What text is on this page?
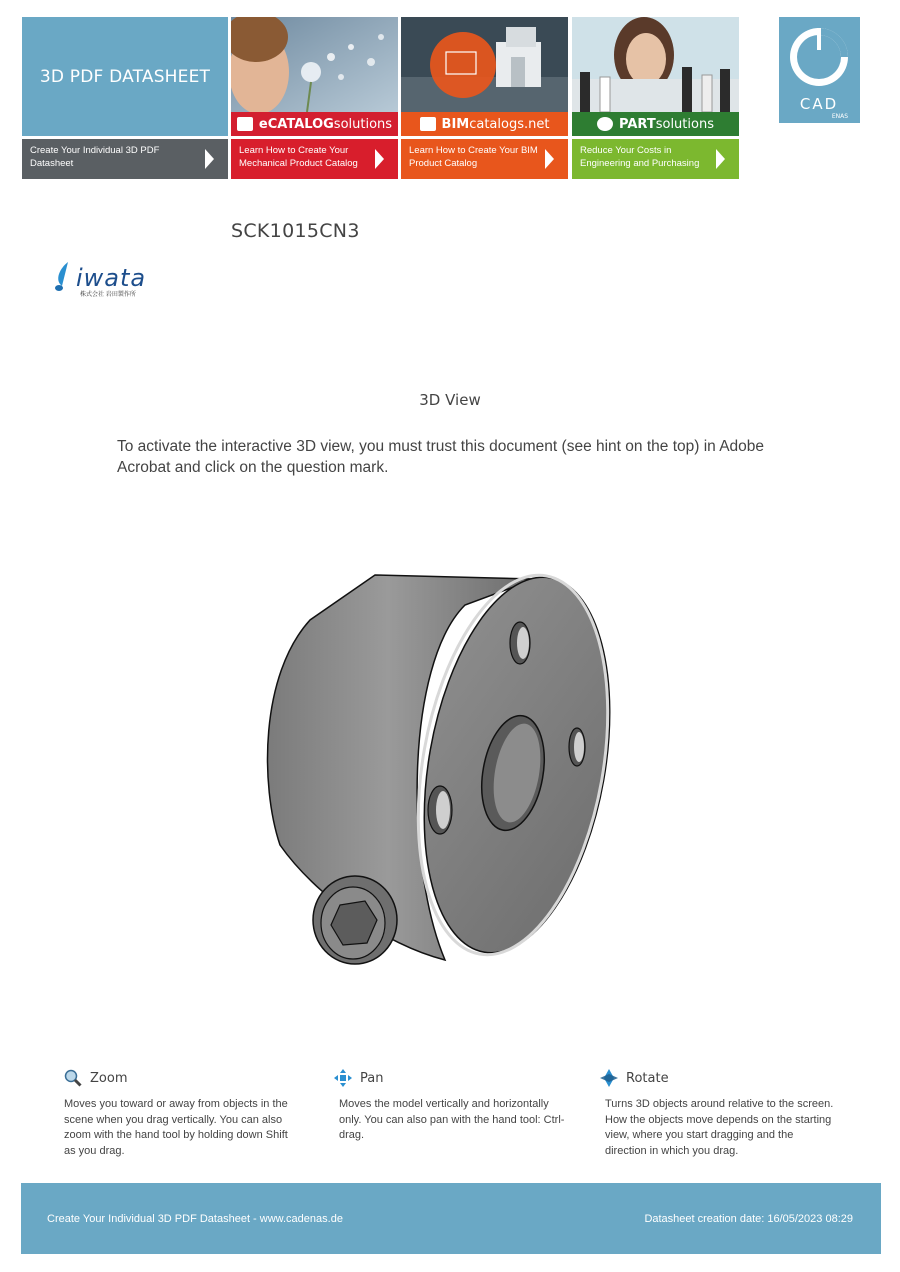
3D PDF DATASHEET
eCATALOGsolutions	BIMcatalogs.net	PARTsolutions
Create Your Individual 3D PDF Datasheet
Learn How to Create Your Mechanical Product Catalog
Learn How to Create Your BIM Product Catalog
Reduce Your Costs in Engineering and Purchasing
CAD
ENAS
SCK1015CN3
iwata
株式会社 岩田製作所
3D View
To activate the interactive 3D view, you must trust this document (see hint on the top) in Adobe Acrobat and click on the question mark.
Zoom
Moves you toward or away from objects in the scene when you drag vertically. You can also zoom with the hand tool by holding down Shift as you drag.
Pan
Moves the model vertically and horizontally only. You can also pan with the hand tool: Ctrl-drag.
Rotate
Turns 3D objects around relative to the screen. How the objects move depends on the starting view, where you start dragging and the direction in which you drag.
Create Your Individual 3D PDF Datasheet - www.cadenas.de	Datasheet creation date: 16/05/2023 08:29
